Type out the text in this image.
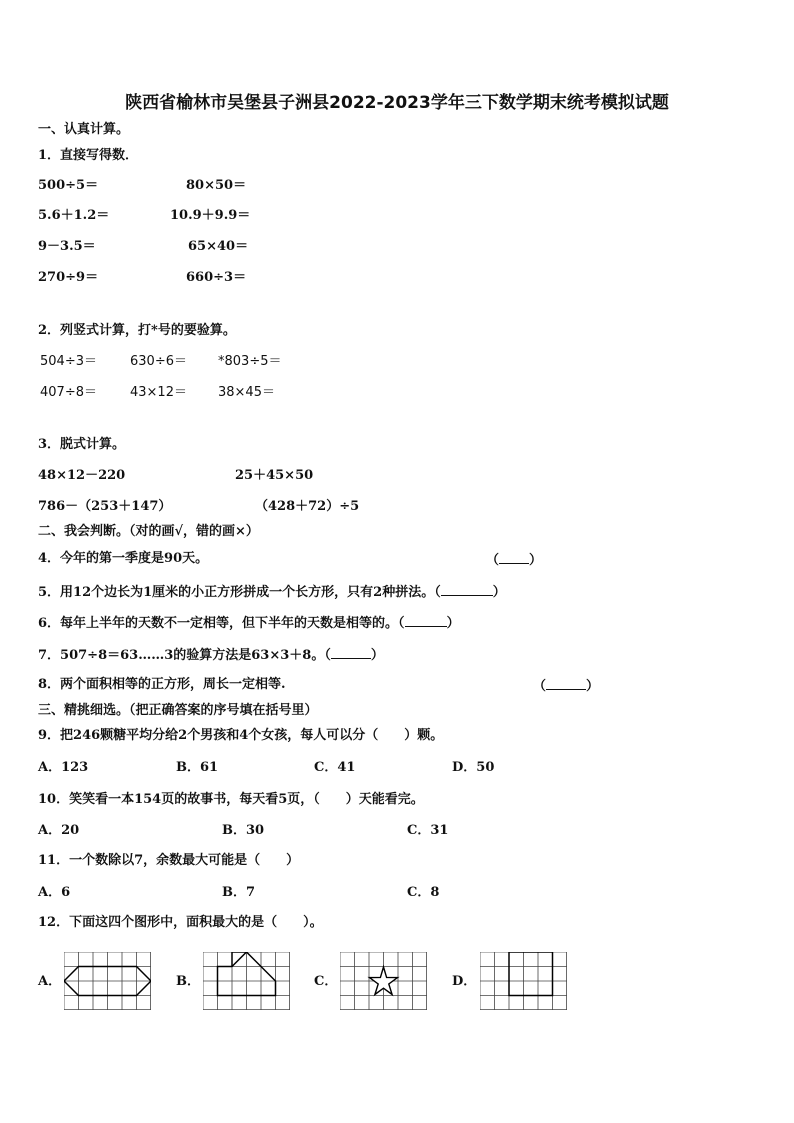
陕西省榆林市吴堡县子洲县2022-2023学年三下数学期末统考模拟试题
一、认真计算。
1．直接写得数．
500÷5＝	80×50＝
5.6＋1.2＝	10.9＋9.9＝
9－3.5＝	65×40＝
270÷9＝	660÷3＝
2．列竖式计算，打*号的要验算。
504÷3＝	630÷6＝ *803÷5＝
407÷8＝	43×12＝ 38×45＝
3．脱式计算。
48×12－220	25＋45×50
786－（253＋147）	（428＋72）÷5
二、我会判断。（对的画√，错的画×）
4．今年的第一季度是90天。	（ ）
5．用12个边长为1厘米的小正方形拼成一个长方形，只有2种拼法。（	）
6．每年上半年的天数不一定相等，但下半年的天数是相等的。（	）
7．507÷8＝63……3的验算方法是63×3＋8。（	）
8．两个面积相等的正方形，周长一定相等.	（	）
三、精挑细选。（把正确答案的序号填在括号里）
9．把246颗糖平均分给2个男孩和4个女孩，每人可以分（　　）颗。
A．123	B．61	C．41	D．50
10．笑笑看一本154页的故事书，每天看5页，（　　）天能看完。
A．20	B．30	C．31
11．一个数除以7，余数最大可能是（　　）
A．6	B．7	C．8
12．下面这四个图形中，面积最大的是（　　）。
A．	B．	C．	D．
